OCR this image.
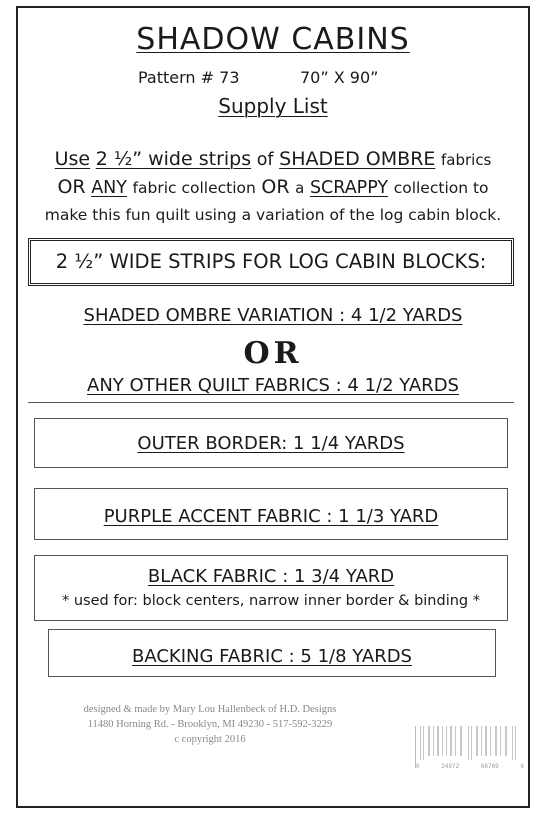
SHADOW CABINS
Pattern # 73	70” X 90”
Supply List
Use 2 ½” wide strips of SHADED OMBRE fabrics
OR ANY fabric collection OR a SCRAPPY collection to
make this fun quilt using a variation of the log cabin block.
2 ½” WIDE STRIPS FOR LOG CABIN BLOCKS:
SHADED OMBRE VARIATION : 4 1/2 YARDS
OR
ANY OTHER QUILT FABRICS : 4 1/2 YARDS
OUTER BORDER: 1 1/4 YARDS
PURPLE ACCENT FABRIC : 1 1/3 YARD
BLACK FABRIC : 1 3/4 YARD
* used for: block centers, narrow inner border & binding *
BACKING FABRIC : 5 1/8 YARDS
designed & made by Mary Lou Hallenbeck of H.D. Designs
11480 Horning Rd. - Brooklyn, MI 49230 - 517-592-3229
c copyright 2016
0	24972	66769	6
